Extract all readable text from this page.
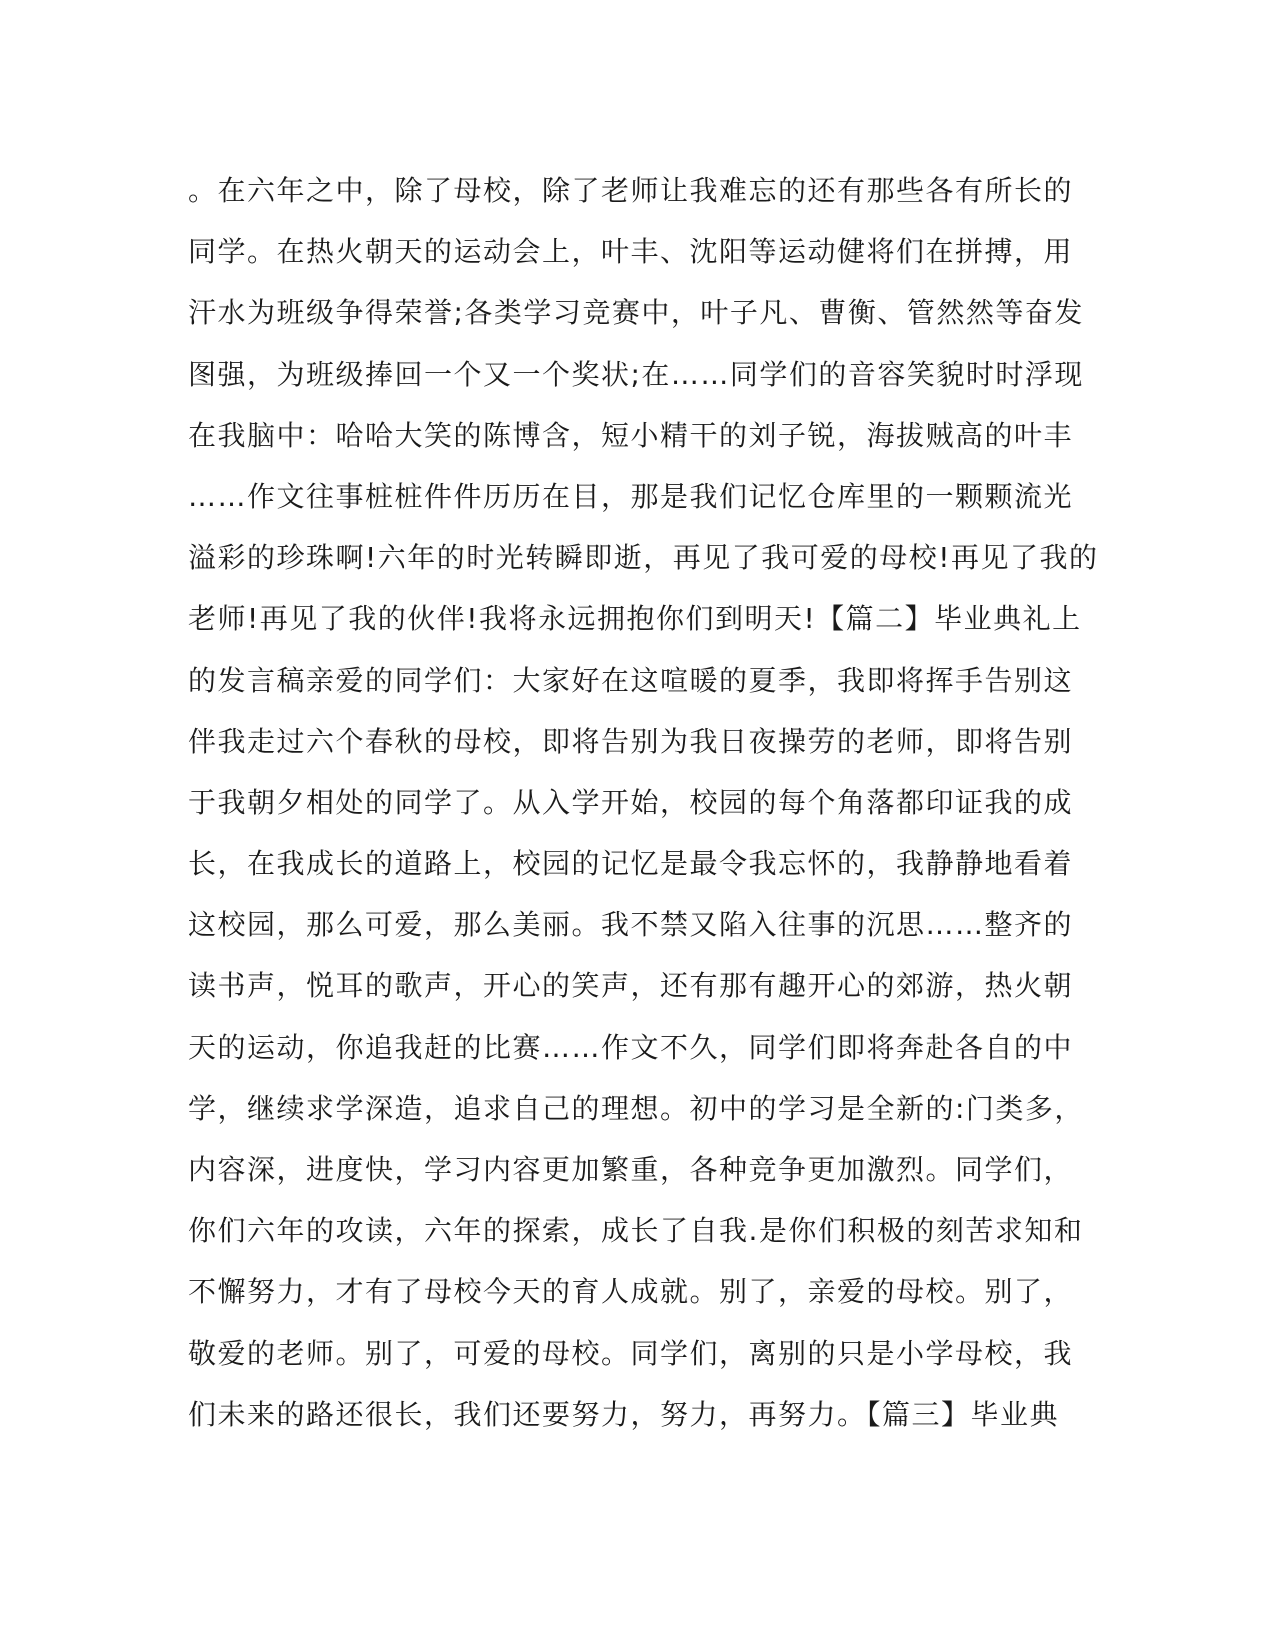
。在六年之中，除了母校，除了老师让我难忘的还有那些各有所长的
同学。在热火朝天的运动会上，叶丰、沈阳等运动健将们在拼搏，用
汗水为班级争得荣誉;各类学习竞赛中，叶子凡、曹衡、管然然等奋发
图强，为班级捧回一个又一个奖状;在……同学们的音容笑貌时时浮现
在我脑中：哈哈大笑的陈博含，短小精干的刘子锐，海拔贼高的叶丰
……作文往事桩桩件件历历在目，那是我们记忆仓库里的一颗颗流光
溢彩的珍珠啊!六年的时光转瞬即逝，再见了我可爱的母校!再见了我的
老师!再见了我的伙伴!我将永远拥抱你们到明天!【篇二】毕业典礼上
的发言稿亲爱的同学们：大家好在这喧暖的夏季，我即将挥手告别这
伴我走过六个春秋的母校，即将告别为我日夜操劳的老师，即将告别
于我朝夕相处的同学了。从入学开始，校园的每个角落都印证我的成
长，在我成长的道路上，校园的记忆是最令我忘怀的，我静静地看着
这校园，那么可爱，那么美丽。我不禁又陷入往事的沉思……整齐的
读书声，悦耳的歌声，开心的笑声，还有那有趣开心的郊游，热火朝
天的运动，你追我赶的比赛……作文不久，同学们即将奔赴各自的中
学，继续求学深造，追求自己的理想。初中的学习是全新的:门类多，
内容深，进度快，学习内容更加繁重，各种竞争更加激烈。同学们，
你们六年的攻读，六年的探索，成长了自我.是你们积极的刻苦求知和
不懈努力，才有了母校今天的育人成就。别了，亲爱的母校。别了，
敬爱的老师。别了，可爱的母校。同学们，离别的只是小学母校，我
们未来的路还很长，我们还要努力，努力，再努力。【篇三】毕业典
